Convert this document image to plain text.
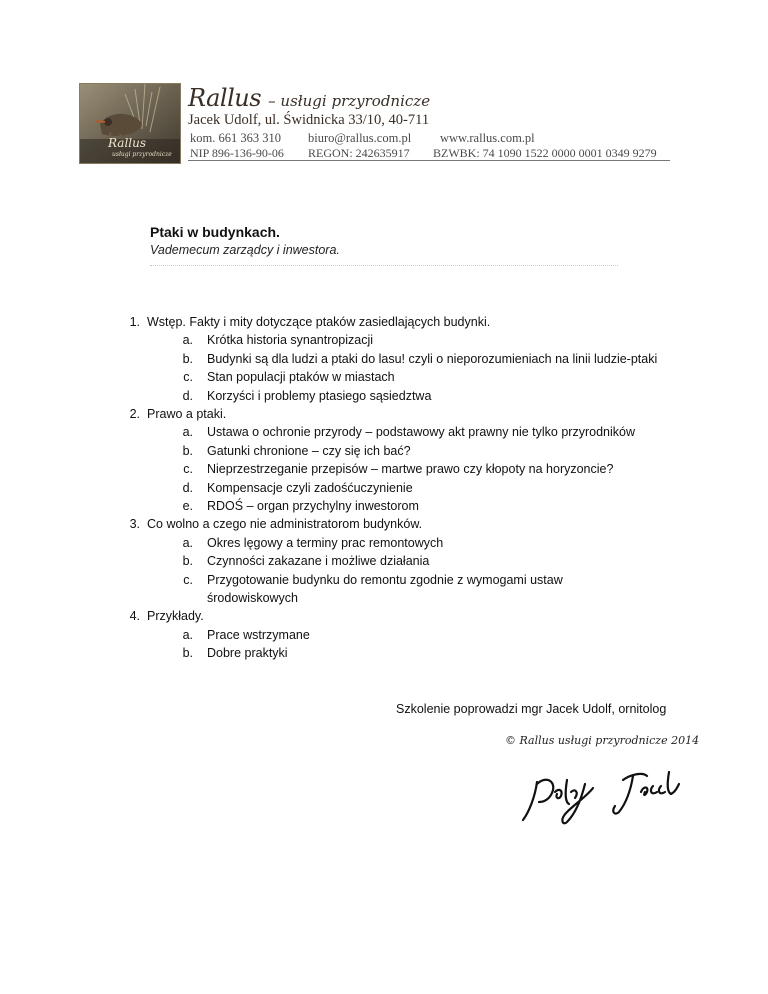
Rallus
usługi przyrodnicze
Rallus – usługi przyrodnicze
Jacek Udolf, ul. Świdnicka 33/10, 40-711
kom. 661 363 310 biuro@rallus.com.pl www.rallus.com.pl
NIP 896-136-90-06 REGON: 242635917 BZWBK: 74 1090 1522 0000 0001 0349 9279
Ptaki w budynkach.
Vademecum zarządcy i inwestora.
1. Wstęp. Fakty i mity dotyczące ptaków zasiedlających budynki.
a. Krótka historia synantropizacji
b. Budynki są dla ludzi a ptaki do lasu! czyli o nieporozumieniach na linii ludzie-ptaki
c. Stan populacji ptaków w miastach
d. Korzyści i problemy ptasiego sąsiedztwa
2. Prawo a ptaki.
a. Ustawa o ochronie przyrody – podstawowy akt prawny nie tylko przyrodników
b. Gatunki chronione – czy się ich bać?
c. Nieprzestrzeganie przepisów – martwe prawo czy kłopoty na horyzoncie?
d. Kompensacje czyli zadośćuczynienie
e. RDOŚ – organ przychylny inwestorom
3. Co wolno a czego nie administratorom budynków.
a. Okres lęgowy a terminy prac remontowych
b. Czynności zakazane i możliwe działania
c. Przygotowanie budynku do remontu zgodnie z wymogami ustaw
środowiskowych
4. Przykłady.
a. Prace wstrzymane
b. Dobre praktyki
Szkolenie poprowadzi mgr Jacek Udolf, ornitolog
© Rallus usługi przyrodnicze 2014
